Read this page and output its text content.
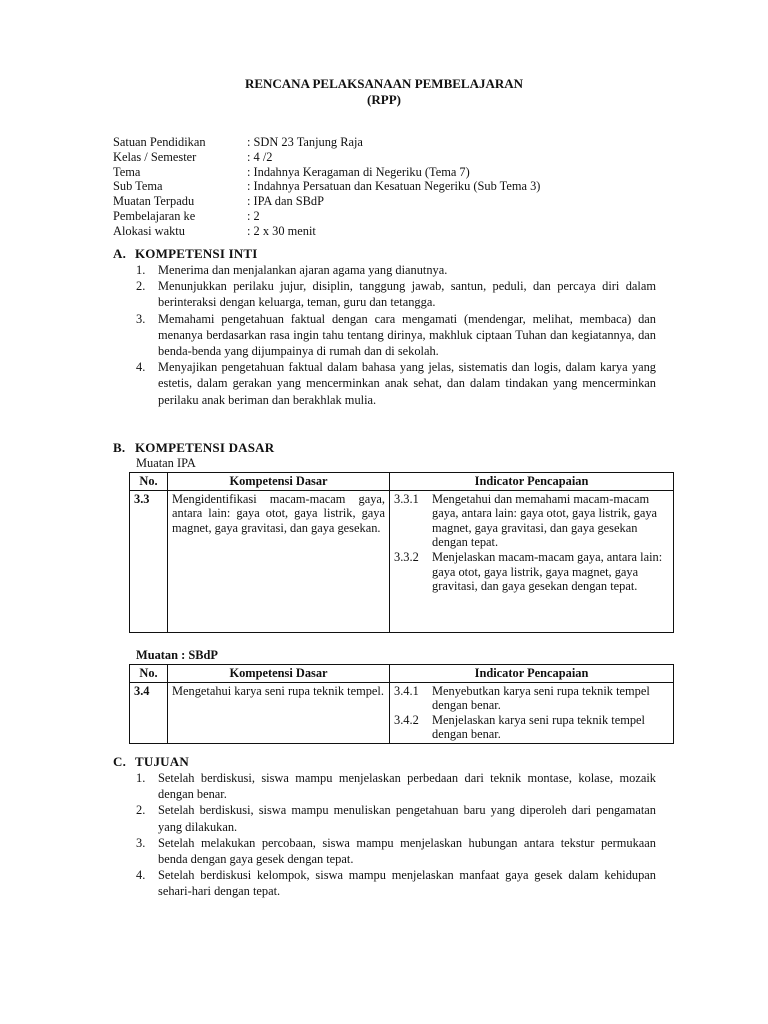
RENCANA PELAKSANAAN PEMBELAJARAN
(RPP)
Satuan Pendidikan	: SDN 23 Tanjung Raja
Kelas / Semester	: 4 /2
Tema	: Indahnya Keragaman di Negeriku (Tema 7)
Sub Tema	: Indahnya Persatuan dan Kesatuan Negeriku (Sub Tema 3)
Muatan Terpadu	: IPA dan SBdP
Pembelajaran ke	: 2
Alokasi waktu	: 2 x 30 menit
A. KOMPETENSI INTI
1. Menerima dan menjalankan ajaran agama yang dianutnya.
2. Menunjukkan perilaku jujur, disiplin, tanggung jawab, santun, peduli, dan percaya diri dalam berinteraksi dengan keluarga, teman, guru dan tetangga.
3. Memahami pengetahuan faktual dengan cara mengamati (mendengar, melihat, membaca) dan menanya berdasarkan rasa ingin tahu tentang dirinya, makhluk ciptaan Tuhan dan kegiatannya, dan benda-benda yang dijumpainya di rumah dan di sekolah.
4. Menyajikan pengetahuan faktual dalam bahasa yang jelas, sistematis dan logis, dalam karya yang estetis, dalam gerakan yang mencerminkan anak sehat, dan dalam tindakan yang mencerminkan perilaku anak beriman dan berakhlak mulia.
B. KOMPETENSI DASAR
Muatan IPA
No.	Kompetensi Dasar	Indicator Pencapaian
3.3	Mengidentifikasi macam-macam gaya, antara lain: gaya otot, gaya listrik, gaya magnet, gaya gravitasi, dan gaya gesekan.	3.3.1 Mengetahui dan memahami macam-macam gaya, antara lain: gaya otot, gaya listrik, gaya magnet, gaya gravitasi, dan gaya gesekan dengan tepat.
3.3.2 Menjelaskan macam-macam gaya, antara lain: gaya otot, gaya listrik, gaya magnet, gaya gravitasi, dan gaya gesekan dengan tepat.
Muatan : SBdP
No.	Kompetensi Dasar	Indicator Pencapaian
3.4	Mengetahui karya seni rupa teknik tempel.	3.4.1 Menyebutkan karya seni rupa teknik tempel dengan benar.
3.4.2 Menjelaskan karya seni rupa teknik tempel dengan benar.
C. TUJUAN
1. Setelah berdiskusi, siswa mampu menjelaskan perbedaan dari teknik montase, kolase, mozaik dengan benar.
2. Setelah berdiskusi, siswa mampu menuliskan pengetahuan baru yang diperoleh dari pengamatan yang dilakukan.
3. Setelah melakukan percobaan, siswa mampu menjelaskan hubungan antara tekstur permukaan benda dengan gaya gesek dengan tepat.
4. Setelah berdiskusi kelompok, siswa mampu menjelaskan manfaat gaya gesek dalam kehidupan sehari-hari dengan tepat.
